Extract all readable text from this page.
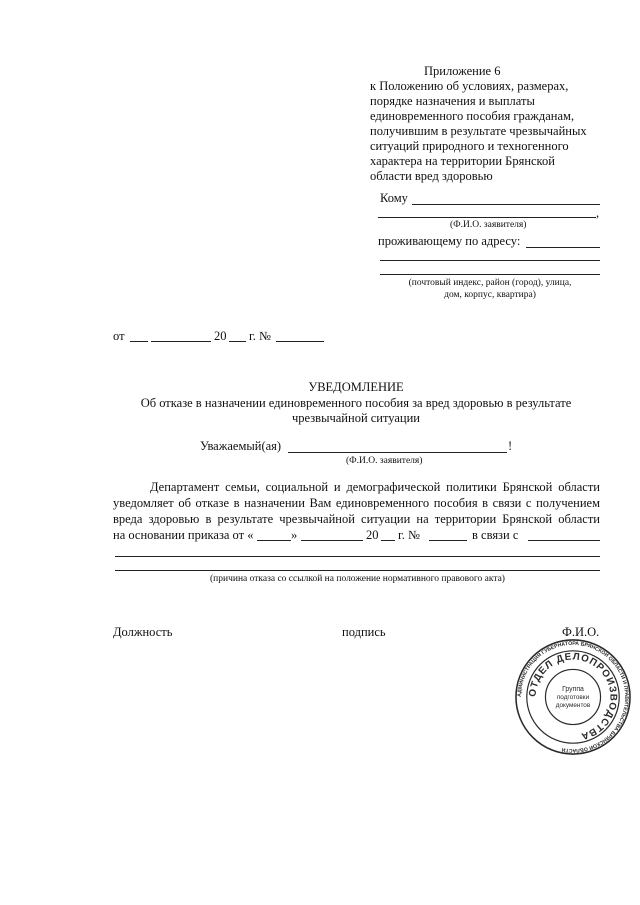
Приложение 6
к Положению об условиях, размерах,
порядке назначения и выплаты
единовременного пособия гражданам,
получившим в результате чрезвычайных
ситуаций природного и техногенного
характера на территории Брянской
области вред здоровью
Кому
,
(Ф.И.О. заявителя)
проживающему по адресу:
(почтовый индекс, район (город), улица,
дом, корпус, квартира)
от	20 г. №
УВЕДОМЛЕНИЕ
Об отказе в назначении единовременного пособия за вред здоровью в результате
чрезвычайной ситуации
Уважаемый(ая)	!
(Ф.И.О. заявителя)
Департамент семьи, социальной и демографической политики Брянской области
уведомляет об отказе в назначении Вам единовременного пособия в связи с получением
вреда здоровью в результате чрезвычайной ситуации на территории Брянской области
на основании приказа от «	»	20 г. №	в связи с
(причина отказа со ссылкой на положение нормативного правового акта)
Должность	подпись	Ф.И.О.
АДМИНИСТРАЦИЯ ГУБЕРНАТОРА БРЯНСКОЙ ОБЛАСТИ И ПРАВИТЕЛЬСТВА БРЯНСКОЙ ОБЛАСТИ
ОТДЕЛ ДЕЛОПРОИЗВОДСТВА
Группа
подготовки
документов
